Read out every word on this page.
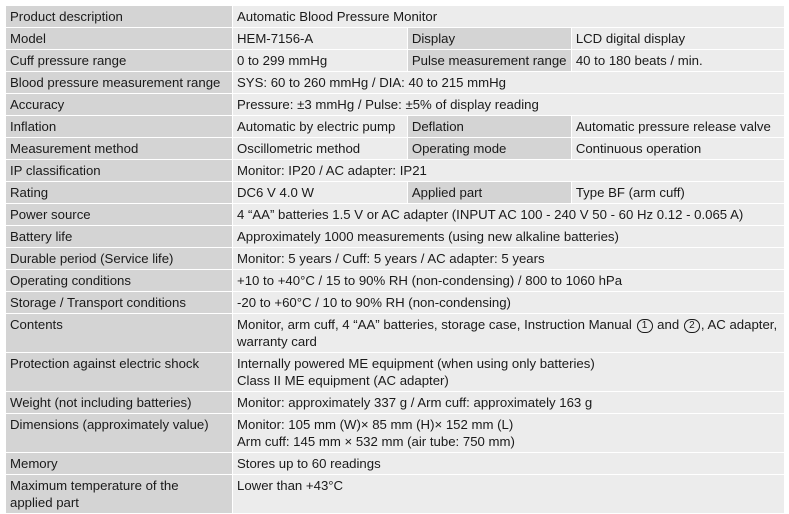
Product description	Automatic Blood Pressure Monitor		
Model	HEM-7156-A	Display	LCD digital display
Cuff pressure range	0 to 299 mmHg	Pulse measurement range	40 to 180 beats / min.
Blood pressure measurement range	SYS: 60 to 260 mmHg / DIA: 40 to 215 mmHg		
Accuracy	Pressure: ±3 mmHg / Pulse: ±5% of display reading		
Inflation	Automatic by electric pump	Deflation	Automatic pressure release valve
Measurement method	Oscillometric method	Operating mode	Continuous operation
IP classification	Monitor: IP20 / AC adapter: IP21		
Rating	DC6 V 4.0 W	Applied part	Type BF (arm cuff)
Power source	4 “AA” batteries 1.5 V or AC adapter (INPUT AC 100 - 240 V 50 - 60 Hz 0.12 - 0.065 A)		
Battery life	Approximately 1000 measurements (using new alkaline batteries)		
Durable period (Service life)	Monitor: 5 years / Cuff: 5 years / AC adapter: 5 years		
Operating conditions	+10 to +40°C / 15 to 90% RH (non-condensing) / 800 to 1060 hPa		
Storage / Transport conditions	-20 to +60°C / 10 to 90% RH (non-condensing)		
Contents	Monitor, arm cuff, 4 “AA” batteries, storage case, Instruction Manual 1 and 2 , AC adapter,
warranty card		
Protection against electric shock	Internally powered ME equipment (when using only batteries)
Class II ME equipment (AC adapter)		
Weight (not including batteries)	Monitor: approximately 337 g / Arm cuff: approximately 163 g		
Dimensions (approximately value)	Monitor: 105 mm (W)× 85 mm (H)× 152 mm (L)
Arm cuff: 145 mm × 532 mm (air tube: 750 mm)		
Memory	Stores up to 60 readings		
Maximum temperature of the
applied part	Lower than +43°C		
